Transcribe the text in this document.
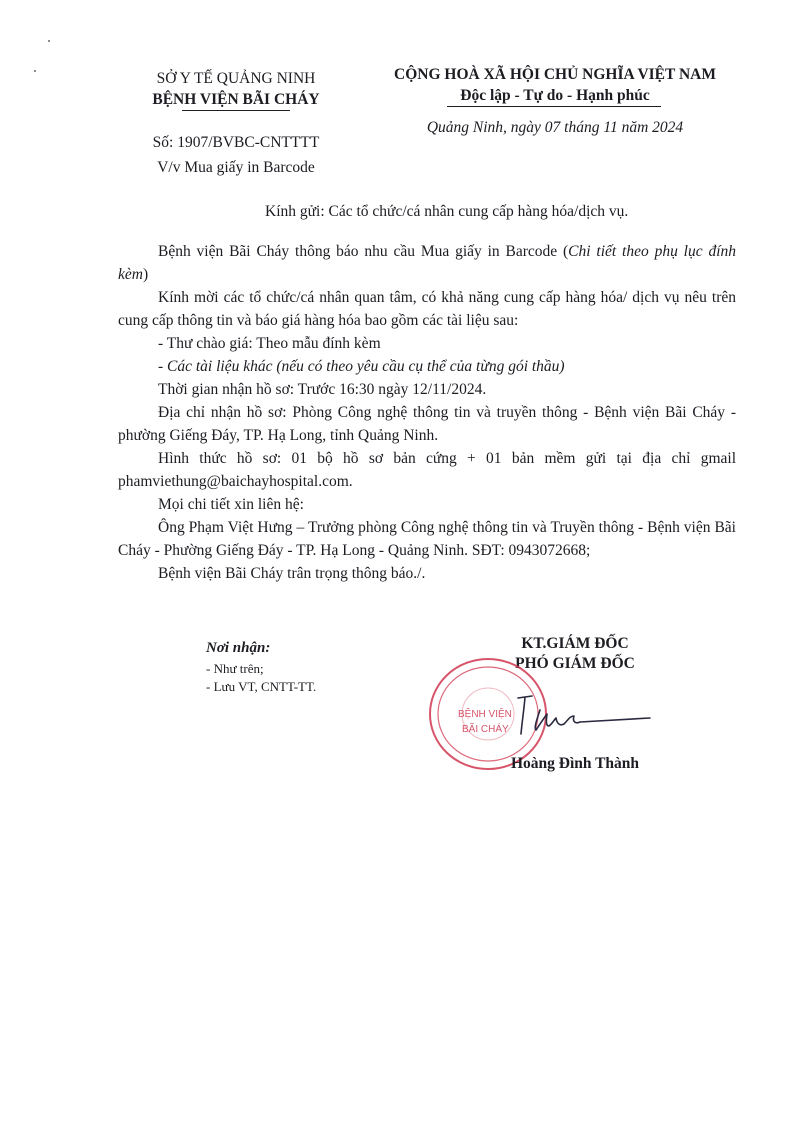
SỞ Y TẾ QUẢNG NINH
BỆNH VIỆN BÃI CHÁY
Số: 1907/BVBC-CNTTTT
V/v Mua giấy in Barcode
CỘNG HOÀ XÃ HỘI CHỦ NGHĨA VIỆT NAM
Độc lập - Tự do - Hạnh phúc
Quảng Ninh, ngày 07 tháng 11 năm 2024
Kính gửi: Các tổ chức/cá nhân cung cấp hàng hóa/dịch vụ.

Bệnh viện Bãi Cháy thông báo nhu cầu Mua giấy in Barcode (Chi tiết theo phụ lục đính kèm)

Kính mời các tổ chức/cá nhân quan tâm, có khả năng cung cấp hàng hóa/ dịch vụ nêu trên cung cấp thông tin và báo giá hàng hóa bao gồm các tài liệu sau:

- Thư chào giá: Theo mẫu đính kèm

- Các tài liệu khác (nếu có theo yêu cầu cụ thể của từng gói thầu)

Thời gian nhận hồ sơ: Trước 16:30 ngày 12/11/2024.

Địa chỉ nhận hồ sơ: Phòng Công nghệ thông tin và truyền thông - Bệnh viện Bãi Cháy - phường Giếng Đáy, TP. Hạ Long, tỉnh Quảng Ninh.

Hình thức hồ sơ: 01 bộ hồ sơ bản cứng + 01 bản mềm gửi tại địa chỉ gmail phamviethung@baichayhospital.com.

Mọi chi tiết xin liên hệ:

Ông Phạm Việt Hưng – Trưởng phòng Công nghệ thông tin và Truyền thông - Bệnh viện Bãi Cháy - Phường Giếng Đáy - TP. Hạ Long - Quảng Ninh. SĐT: 0943072668;

Bệnh viện Bãi Cháy trân trọng thông báo./.

Nơi nhận:
- Như trên;
- Lưu VT, CNTT-TT.
KT.GIÁM ĐỐC
PHÓ GIÁM ĐỐC
BỆNH VIỆN
BÃI CHÁY
Hoàng Đình Thành
